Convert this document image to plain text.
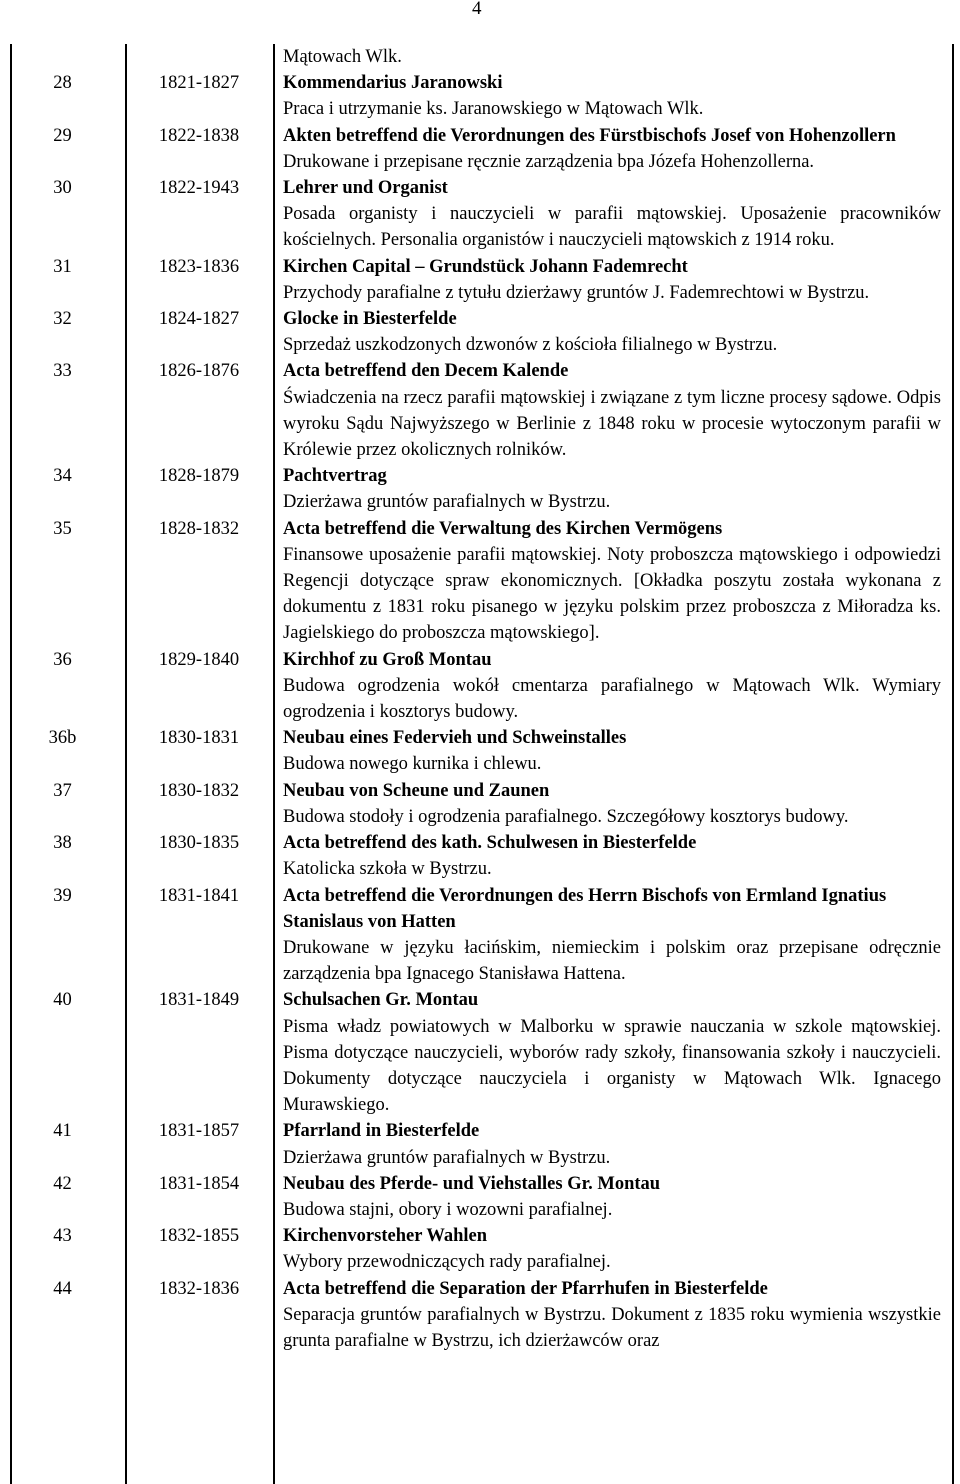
4
Mątowach Wlk.
28	1821-1827	Kommendarius Jaranowski
Praca i utrzymanie ks. Jaranowskiego w Mątowach Wlk.
29	1822-1838	Akten betreffend die Verordnungen des Fürstbischofs Josef von Hohenzollern
Drukowane i przepisane ręcznie zarządzenia bpa Józefa Hohenzollerna.
30	1822-1943	Lehrer und Organist
Posada organisty i nauczycieli w parafii mątowskiej. Uposażenie pracowników kościelnych. Personalia organistów i nauczycieli mątowskich z 1914 roku.
31	1823-1836	Kirchen Capital – Grundstück Johann Fademrecht
Przychody parafialne z tytułu dzierżawy gruntów J. Fademrechtowi w Bystrzu.
32	1824-1827	Glocke in Biesterfelde
Sprzedaż uszkodzonych dzwonów z kościoła filialnego w Bystrzu.
33	1826-1876	Acta betreffend den Decem Kalende
Świadczenia na rzecz parafii mątowskiej i związane z tym liczne procesy sądowe. Odpis wyroku Sądu Najwyższego w Berlinie z 1848 roku w procesie wytoczonym parafii w Królewie przez okolicznych rolników.
34	1828-1879	Pachtvertrag
Dzierżawa gruntów parafialnych w Bystrzu.
35	1828-1832	Acta betreffend die Verwaltung des Kirchen Vermögens
Finansowe uposażenie parafii mątowskiej. Noty proboszcza mątowskiego i odpowiedzi Regencji dotyczące spraw ekonomicznych. [Okładka poszytu została wykonana z dokumentu z 1831 roku pisanego w języku polskim przez proboszcza z Miłoradza ks. Jagielskiego do proboszcza mątowskiego].
36	1829-1840	Kirchhof zu Groß Montau
Budowa ogrodzenia wokół cmentarza parafialnego w Mątowach Wlk. Wymiary ogrodzenia i kosztorys budowy.
36b	1830-1831	Neubau eines Federvieh und Schweinstalles
Budowa nowego kurnika i chlewu.
37	1830-1832	Neubau von Scheune und Zaunen
Budowa stodoły i ogrodzenia parafialnego. Szczegółowy kosztorys budowy.
38	1830-1835	Acta betreffend des kath. Schulwesen in Biesterfelde
Katolicka szkoła w Bystrzu.
39	1831-1841	Acta betreffend die Verordnungen des Herrn Bischofs von Ermland Ignatius Stanislaus von Hatten
Drukowane w języku łacińskim, niemieckim i polskim oraz przepisane odręcznie zarządzenia bpa Ignacego Stanisława Hattena.
40	1831-1849	Schulsachen Gr. Montau
Pisma władz powiatowych w Malborku w sprawie nauczania w szkole mątowskiej. Pisma dotyczące nauczycieli, wyborów rady szkoły, finansowania szkoły i nauczycieli. Dokumenty dotyczące nauczyciela i organisty w Mątowach Wlk. Ignacego Murawskiego.
41	1831-1857	Pfarrland in Biesterfelde
Dzierżawa gruntów parafialnych w Bystrzu.
42	1831-1854	Neubau des Pferde- und Viehstalles Gr. Montau
Budowa stajni, obory i wozowni parafialnej.
43	1832-1855	Kirchenvorsteher Wahlen
Wybory przewodniczących rady parafialnej.
44	1832-1836	Acta betreffend die Separation der Pfarrhufen in Biesterfelde
Separacja gruntów parafialnych w Bystrzu. Dokument z 1835 roku wymienia wszystkie grunta parafialne w Bystrzu, ich dzierżawców oraz
